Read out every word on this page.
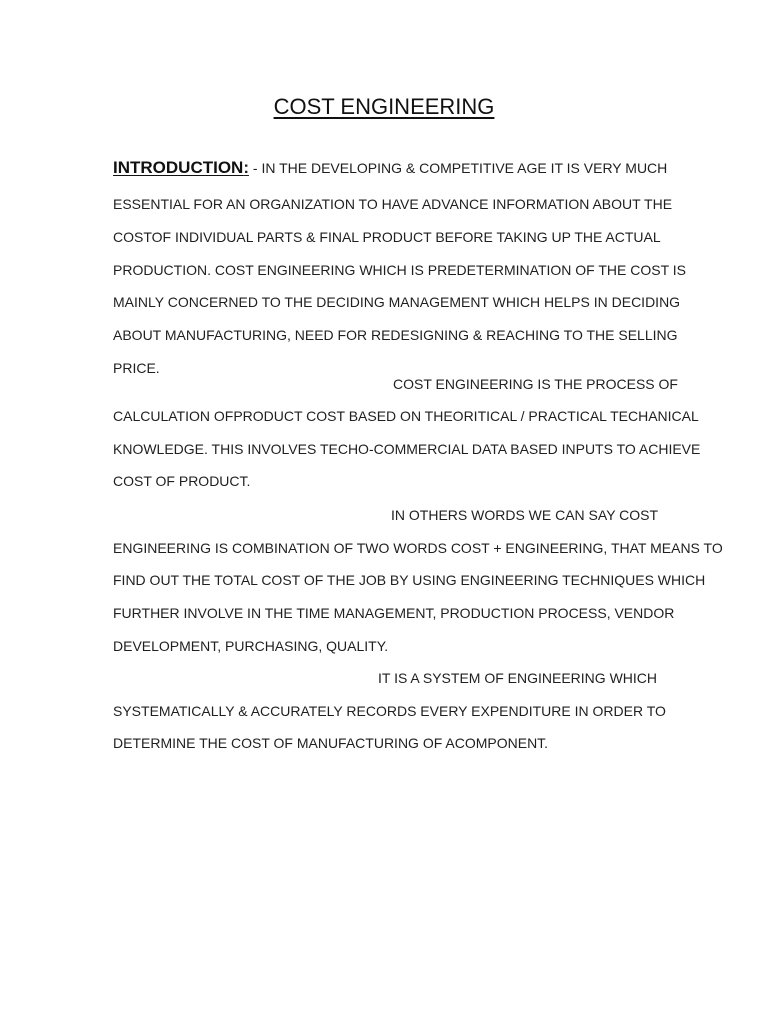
COST ENGINEERING
INTRODUCTION: - IN THE DEVELOPING & COMPETITIVE AGE IT IS VERY MUCH
ESSENTIAL FOR AN ORGANIZATION TO HAVE ADVANCE INFORMATION ABOUT THE
COSTOF INDIVIDUAL PARTS & FINAL PRODUCT BEFORE TAKING UP THE ACTUAL
PRODUCTION. COST ENGINEERING WHICH IS PREDETERMINATION OF THE COST IS
MAINLY CONCERNED TO THE DECIDING MANAGEMENT WHICH HELPS IN DECIDING
ABOUT MANUFACTURING, NEED FOR REDESIGNING & REACHING TO THE SELLING
PRICE.
COST ENGINEERING IS THE PROCESS OF
CALCULATION OFPRODUCT COST BASED ON THEORITICAL / PRACTICAL TECHANICAL
KNOWLEDGE. THIS INVOLVES TECHO-COMMERCIAL DATA BASED INPUTS TO ACHIEVE
COST OF PRODUCT.
IN OTHERS WORDS WE CAN SAY COST
ENGINEERING IS COMBINATION OF TWO WORDS COST + ENGINEERING, THAT MEANS TO
FIND OUT THE TOTAL COST OF THE JOB BY USING ENGINEERING TECHNIQUES WHICH
FURTHER INVOLVE IN THE TIME MANAGEMENT, PRODUCTION PROCESS, VENDOR
DEVELOPMENT, PURCHASING, QUALITY.
IT IS A SYSTEM OF ENGINEERING WHICH
SYSTEMATICALLY & ACCURATELY RECORDS EVERY EXPENDITURE IN ORDER TO
DETERMINE THE COST OF MANUFACTURING OF ACOMPONENT.
